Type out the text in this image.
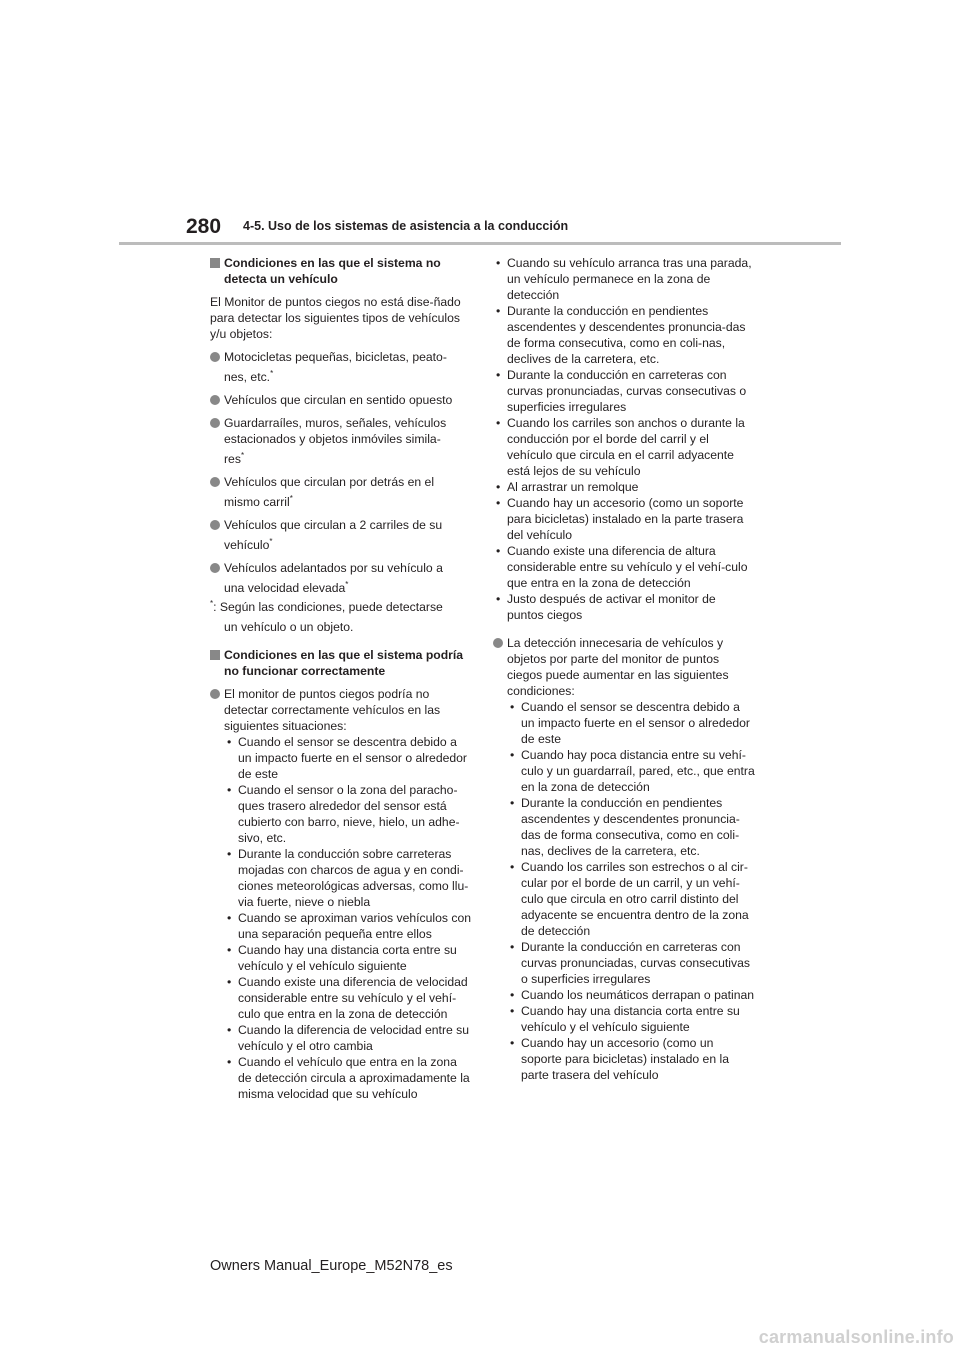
280 4-5. Uso de los sistemas de asistencia a la conducción
Condiciones en las que el sistema no detecta un vehículo
El Monitor de puntos ciegos no está dise-ñado para detectar los siguientes tipos de vehículos y/u objetos:
Motocicletas pequeñas, bicicletas, peato-
nes, etc.*
Vehículos que circulan en sentido opuesto
Guardarraíles, muros, señales, vehículos estacionados y objetos inmóviles simila-
res*
Vehículos que circulan por detrás en el
mismo carril*
Vehículos que circulan a 2 carriles de su
vehículo*
Vehículos adelantados por su vehículo a
una velocidad elevada*
*: Según las condiciones, puede detectarse
un vehículo o un objeto.
Condiciones en las que el sistema podría no funcionar correctamente
El monitor de puntos ciegos podría no detectar correctamente vehículos en las siguientes situaciones:
• Cuando el sensor se descentra debido a un impacto fuerte en el sensor o alrededor de este
• Cuando el sensor o la zona del paracho-ques trasero alrededor del sensor está cubierto con barro, nieve, hielo, un adhe-sivo, etc.
• Durante la conducción sobre carreteras mojadas con charcos de agua y en condi-ciones meteorológicas adversas, como llu-via fuerte, nieve o niebla
• Cuando se aproximan varios vehículos con una separación pequeña entre ellos
• Cuando hay una distancia corta entre su vehículo y el vehículo siguiente
• Cuando existe una diferencia de velocidad considerable entre su vehículo y el vehí-culo que entra en la zona de detección
• Cuando la diferencia de velocidad entre su vehículo y el otro cambia
• Cuando el vehículo que entra en la zona de detección circula a aproximadamente la misma velocidad que su vehículo
• Cuando su vehículo arranca tras una parada, un vehículo permanece en la zona de detección
• Durante la conducción en pendientes ascendentes y descendentes pronuncia-das de forma consecutiva, como en coli-nas, declives de la carretera, etc.
• Durante la conducción en carreteras con curvas pronunciadas, curvas consecutivas o superficies irregulares
• Cuando los carriles son anchos o durante la conducción por el borde del carril y el vehículo que circula en el carril adyacente está lejos de su vehículo
• Al arrastrar un remolque
• Cuando hay un accesorio (como un soporte para bicicletas) instalado en la parte trasera del vehículo
• Cuando existe una diferencia de altura considerable entre su vehículo y el vehí-culo que entra en la zona de detección
• Justo después de activar el monitor de puntos ciegos
La detección innecesaria de vehículos y objetos por parte del monitor de puntos ciegos puede aumentar en las siguientes condiciones:
• Cuando el sensor se descentra debido a un impacto fuerte en el sensor o alrededor de este
• Cuando hay poca distancia entre su vehí-culo y un guardarraíl, pared, etc., que entra en la zona de detección
• Durante la conducción en pendientes ascendentes y descendentes pronuncia-das de forma consecutiva, como en coli-nas, declives de la carretera, etc.
• Cuando los carriles son estrechos o al cir-cular por el borde de un carril, y un vehí-culo que circula en otro carril distinto del adyacente se encuentra dentro de la zona de detección
• Durante la conducción en carreteras con curvas pronunciadas, curvas consecutivas o superficies irregulares
• Cuando los neumáticos derrapan o patinan
• Cuando hay una distancia corta entre su vehículo y el vehículo siguiente
• Cuando hay un accesorio (como un soporte para bicicletas) instalado en la parte trasera del vehículo
Owners Manual_Europe_M52N78_es
carmanualsonline.info
